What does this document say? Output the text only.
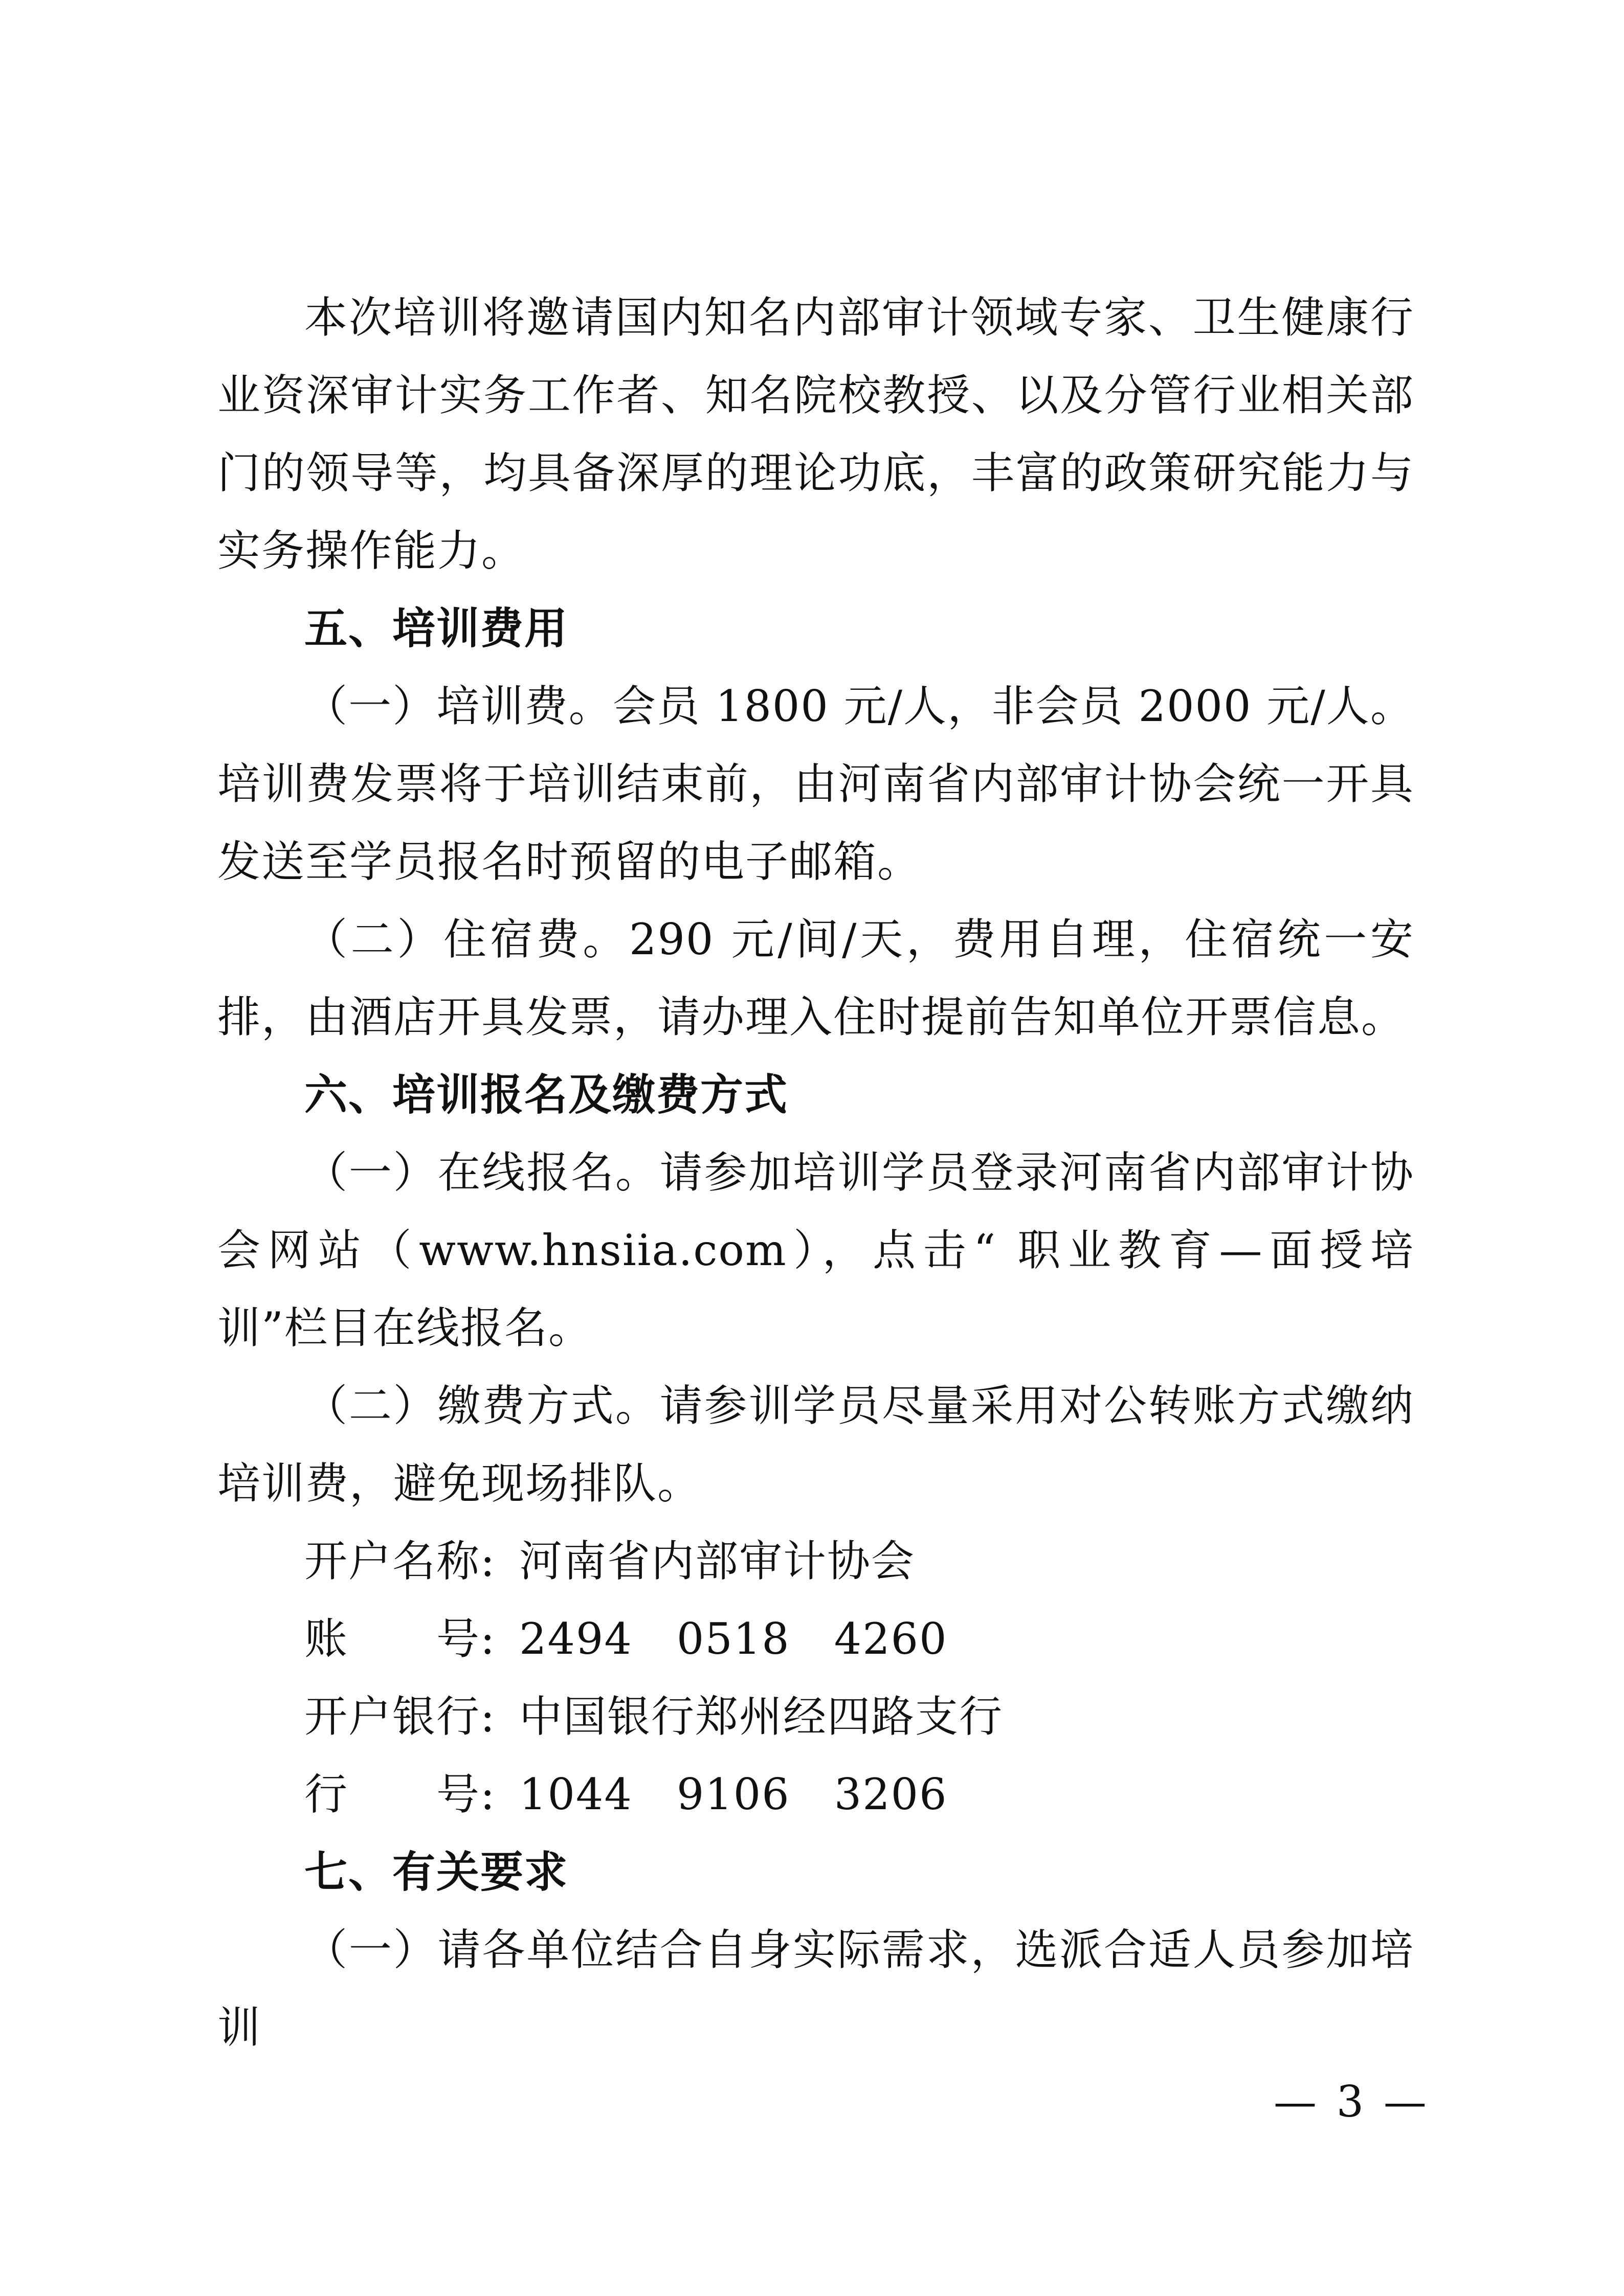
本次培训将邀请国内知名内部审计领域专家、卫生健康行业资深审计实务工作者、知名院校教授、以及分管行业相关部门的领导等，均具备深厚的理论功底，丰富的政策研究能力与实务操作能力。

五、培训费用

（一）培训费。会员 1800 元/人，非会员 2000 元/人。培训费发票将于培训结束前，由河南省内部审计协会统一开具发送至学员报名时预留的电子邮箱。

（二）住宿费。290 元/间/天，费用自理，住宿统一安排，由酒店开具发票，请办理入住时提前告知单位开票信息。

六、培训报名及缴费方式

（一）在线报名。请参加培训学员登录河南省内部审计协会网站（www.hnsiia.com），点击“ 职业教育—面授培训”栏目在线报名。

（二）缴费方式。请参训学员尽量采用对公转账方式缴纳培训费，避免现场排队。

开户名称: 河南省内部审计协会
账　　号: 2494   0518   4260
开户银行: 中国银行郑州经四路支行
行　　号: 1044   9106   3206
七、有关要求

（一）请各单位结合自身实际需求，选派合适人员参加培训

— 3 —
